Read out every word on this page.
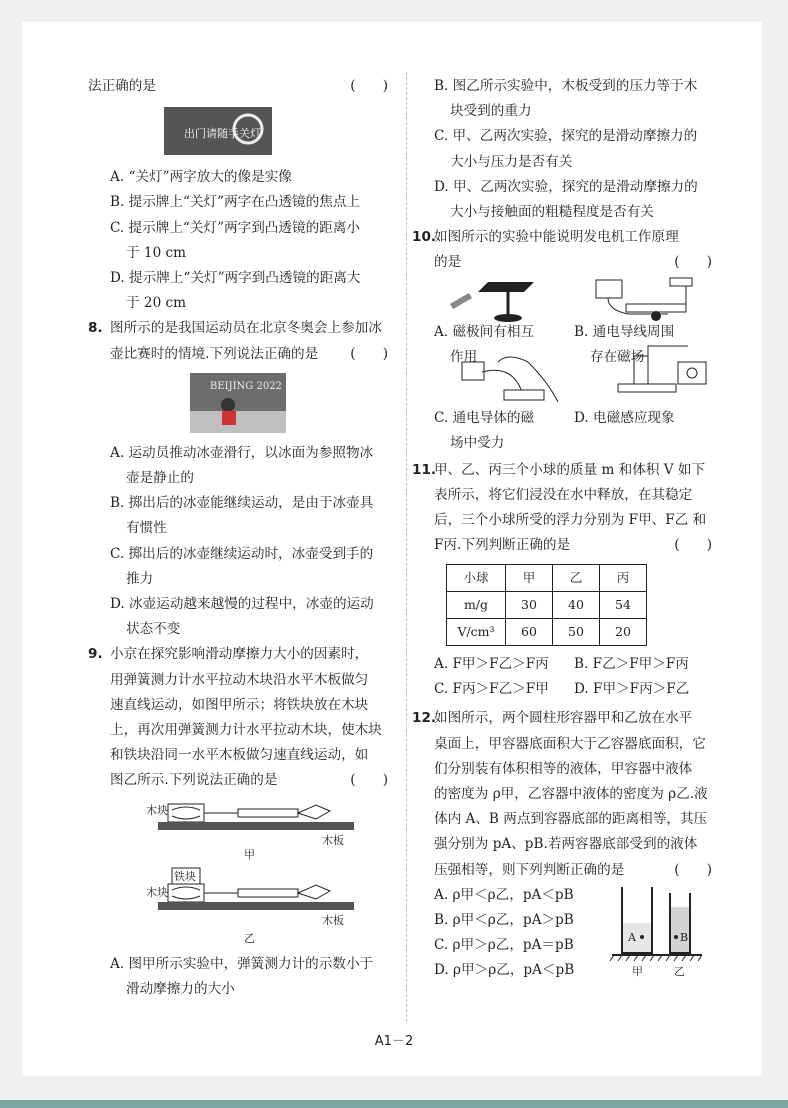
法正确的是	(　　)

出门请随手关灯

A. “关灯”两字放大的像是实像

B. 提示牌上“关灯”两字在凸透镜的焦点上

C. 提示牌上“关灯”两字到凸透镜的距离小

于 10 cm

D. 提示牌上“关灯”两字到凸透镜的距离大

于 20 cm

8. 图所示的是我国运动员在北京冬奥会上参加冰

壶比赛时的情境.下列说法正确的是 (　　)

BEIJING 2022

A. 运动员推动冰壶滑行，以冰面为参照物冰

壶是静止的

B. 掷出后的冰壶能继续运动，是由于冰壶具

有惯性

C. 掷出后的冰壶继续运动时，冰壶受到手的

推力

D. 冰壶运动越来越慢的过程中，冰壶的运动

状态不变

9. 小京在探究影响滑动摩擦力大小的因素时，

用弹簧测力计水平拉动木块沿水平木板做匀

速直线运动，如图甲所示；将铁块放在木块

上，再次用弹簧测力计水平拉动木块，使木块

和铁块沿同一水平木板做匀速直线运动，如

图乙所示.下列说法正确的是	(　　)

木块
木板
甲
铁块
木块
木板
乙

A. 图甲所示实验中，弹簧测力计的示数小于

滑动摩擦力的大小

B. 图乙所示实验中，木板受到的压力等于木

块受到的重力

C. 甲、乙两次实验，探究的是滑动摩擦力的

大小与压力是否有关

D. 甲、乙两次实验，探究的是滑动摩擦力的

大小与接触面的粗糙程度是否有关

10.如图所示的实验中能说明发电机工作原理

的是	(　　)

A. 磁极间有相互

作用

B. 通电导线周围

存在磁场

C. 通电导体的磁

场中受力

D. 电磁感应现象

11.甲、乙、丙三个小球的质量 m 和体积 V 如下

表所示，将它们浸没在水中释放，在其稳定

后，三个小球所受的浮力分别为 F甲、F乙 和

F丙.下列判断正确的是	(　　)

小球	甲	乙	丙
m/g	30	40	54
V/cm³	60	50	20

A. F甲＞F乙＞F丙 B. F乙＞F甲＞F丙

C. F丙＞F乙＞F甲 D. F甲＞F丙＞F乙

12.如图所示，两个圆柱形容器甲和乙放在水平

桌面上，甲容器底面积大于乙容器底面积，它

们分别装有体积相等的液体，甲容器中液体

的密度为 ρ甲，乙容器中液体的密度为 ρ乙.液

体内 A、B 两点到容器底部的距离相等，其压

强分别为 pA、pB.若两容器底部受到的液体

压强相等，则下列判断正确的是	(　　)

A. ρ甲＜ρ乙，pA＜pB

B. ρ甲＜ρ乙，pA＞pB

C. ρ甲＞ρ乙，pA＝pB

D. ρ甲＞ρ乙，pA＜pB

A	B
甲	乙
A1－2
